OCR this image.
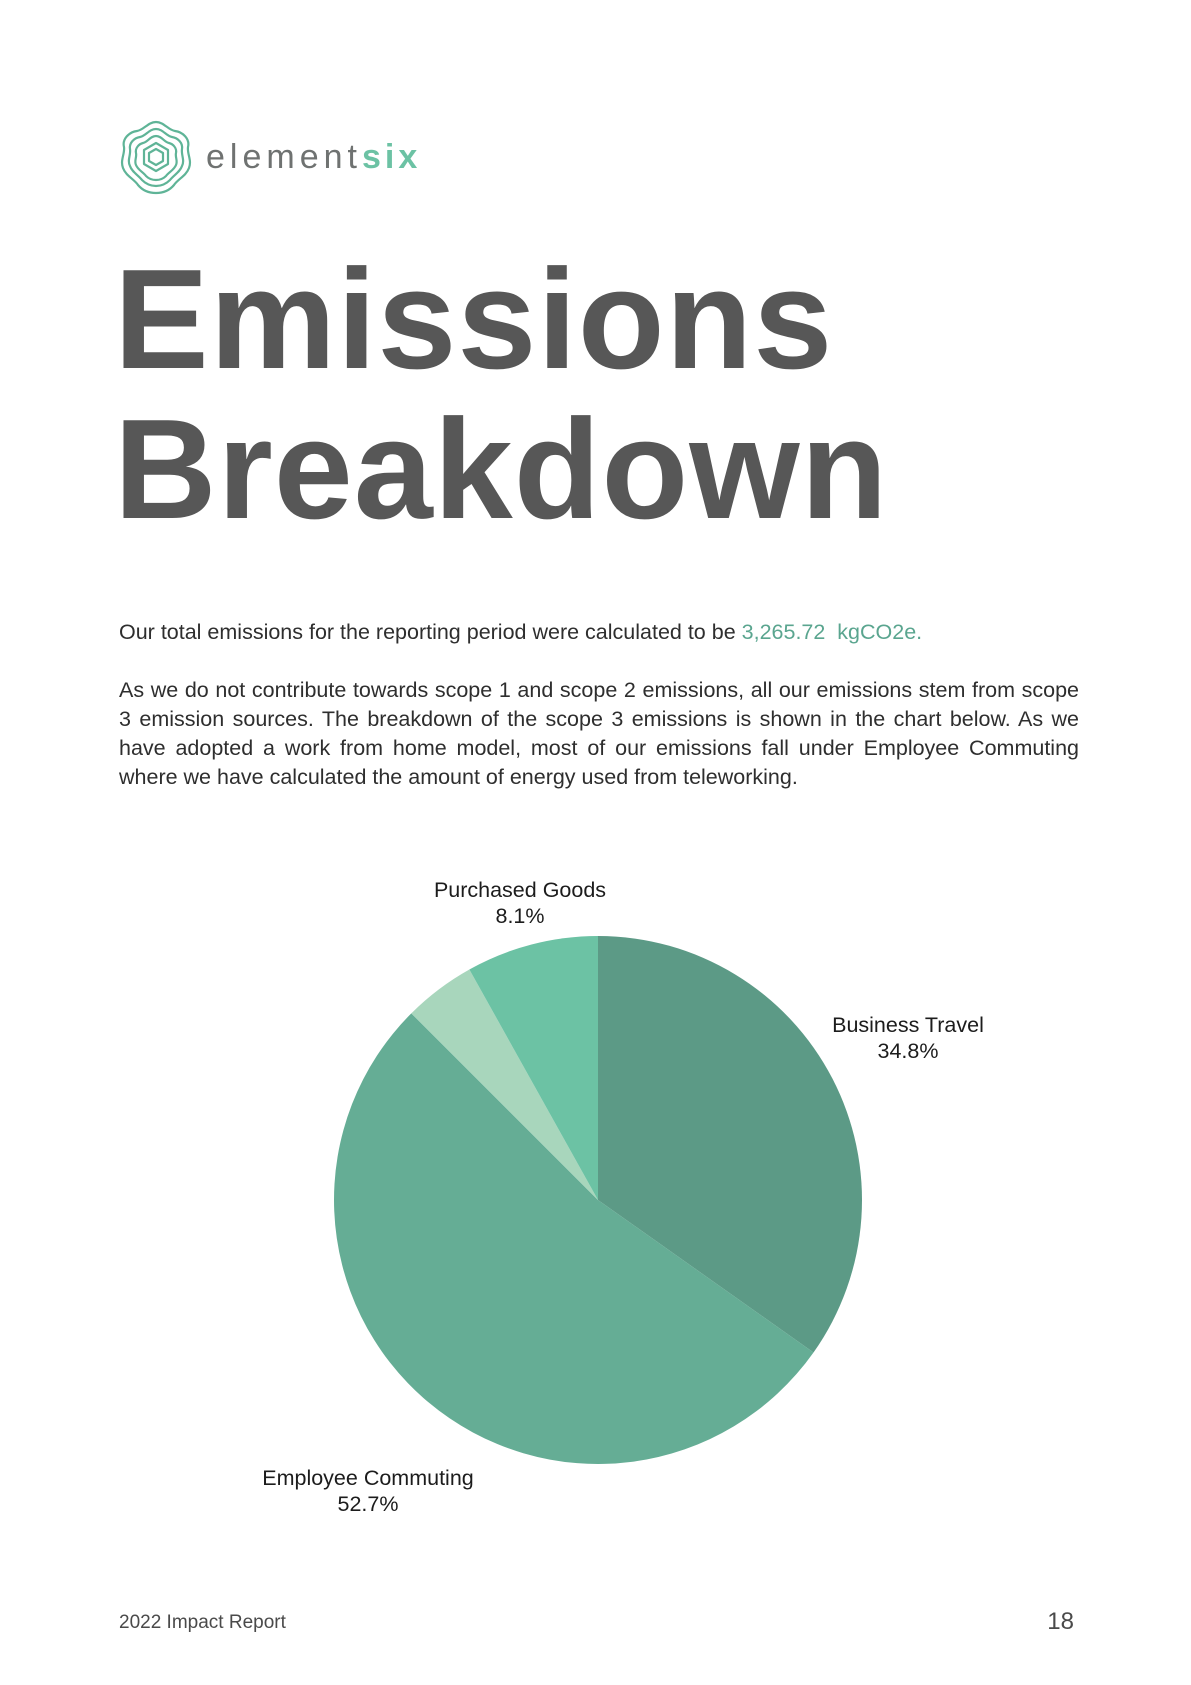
elementsix
Emissions
Breakdown

Our total emissions for the reporting period were calculated to be 3,265.72 kgCO2e.

As we do not contribute towards scope 1 and scope 2 emissions, all our emissions stem from scope 3 emission sources. The breakdown of the scope 3 emissions is shown in the chart below. As we have adopted a work from home model, most of our emissions fall under Employee Commuting where we have calculated the amount of energy used from teleworking.

Business Travel
34.8%
Employee Commuting
52.7%
Purchased Goods
8.1%
2022 Impact Report	18
